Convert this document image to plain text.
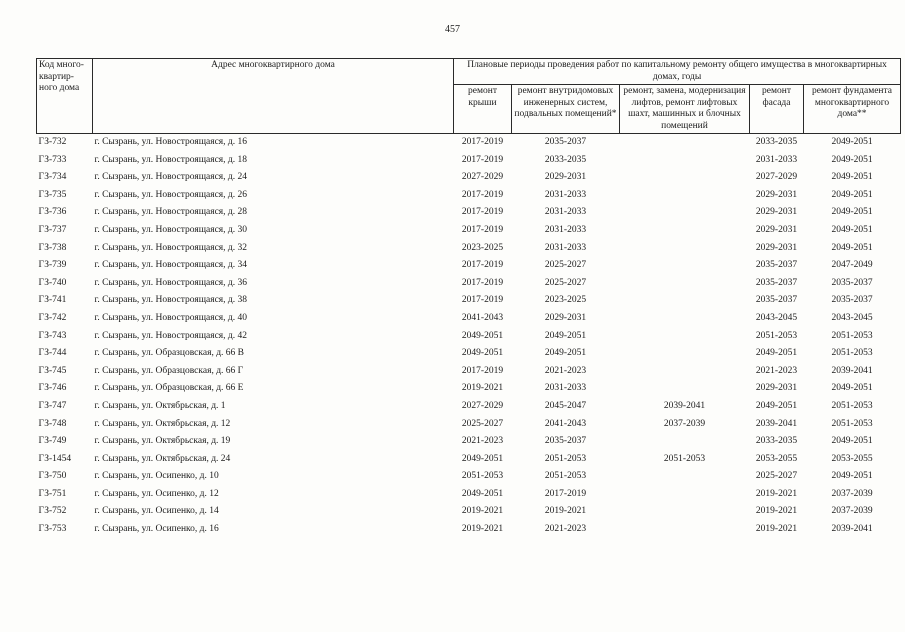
457
Код много-квартир-ного дома	Адрес многоквартирного дома	Плановые периоды проведения работ по капитальному ремонту общего имущества в многоквартирных домах, годы				
		ремонт крыши	ремонт внутридомовых инженерных систем, подвальных помещений*	ремонт, замена, модернизация лифтов, ремонт лифтовых шахт, машинных и блочных помещений	ремонт фасада	ремонт фундамента многоквартирного дома**
ГЗ-732	г. Сызрань, ул. Новостроящаяся, д. 16	2017-2019	2035-2037		2033-2035	2049-2051
ГЗ-733	г. Сызрань, ул. Новостроящаяся, д. 18	2017-2019	2033-2035		2031-2033	2049-2051
ГЗ-734	г. Сызрань, ул. Новостроящаяся, д. 24	2027-2029	2029-2031		2027-2029	2049-2051
ГЗ-735	г. Сызрань, ул. Новостроящаяся, д. 26	2017-2019	2031-2033		2029-2031	2049-2051
ГЗ-736	г. Сызрань, ул. Новостроящаяся, д. 28	2017-2019	2031-2033		2029-2031	2049-2051
ГЗ-737	г. Сызрань, ул. Новостроящаяся, д. 30	2017-2019	2031-2033		2029-2031	2049-2051
ГЗ-738	г. Сызрань, ул. Новостроящаяся, д. 32	2023-2025	2031-2033		2029-2031	2049-2051
ГЗ-739	г. Сызрань, ул. Новостроящаяся, д. 34	2017-2019	2025-2027		2035-2037	2047-2049
ГЗ-740	г. Сызрань, ул. Новостроящаяся, д. 36	2017-2019	2025-2027		2035-2037	2035-2037
ГЗ-741	г. Сызрань, ул. Новостроящаяся, д. 38	2017-2019	2023-2025		2035-2037	2035-2037
ГЗ-742	г. Сызрань, ул. Новостроящаяся, д. 40	2041-2043	2029-2031		2043-2045	2043-2045
ГЗ-743	г. Сызрань, ул. Новостроящаяся, д. 42	2049-2051	2049-2051		2051-2053	2051-2053
ГЗ-744	г. Сызрань, ул. Образцовская, д. 66 В	2049-2051	2049-2051		2049-2051	2051-2053
ГЗ-745	г. Сызрань, ул. Образцовская, д. 66 Г	2017-2019	2021-2023		2021-2023	2039-2041
ГЗ-746	г. Сызрань, ул. Образцовская, д. 66 Е	2019-2021	2031-2033		2029-2031	2049-2051
ГЗ-747	г. Сызрань, ул. Октябрьская, д. 1	2027-2029	2045-2047	2039-2041	2049-2051	2051-2053
ГЗ-748	г. Сызрань, ул. Октябрьская, д. 12	2025-2027	2041-2043	2037-2039	2039-2041	2051-2053
ГЗ-749	г. Сызрань, ул. Октябрьская, д. 19	2021-2023	2035-2037		2033-2035	2049-2051
ГЗ-1454	г. Сызрань, ул. Октябрьская, д. 24	2049-2051	2051-2053	2051-2053	2053-2055	2053-2055
ГЗ-750	г. Сызрань, ул. Осипенко, д. 10	2051-2053	2051-2053		2025-2027	2049-2051
ГЗ-751	г. Сызрань, ул. Осипенко, д. 12	2049-2051	2017-2019		2019-2021	2037-2039
ГЗ-752	г. Сызрань, ул. Осипенко, д. 14	2019-2021	2019-2021		2019-2021	2037-2039
ГЗ-753	г. Сызрань, ул. Осипенко, д. 16	2019-2021	2021-2023		2019-2021	2039-2041
